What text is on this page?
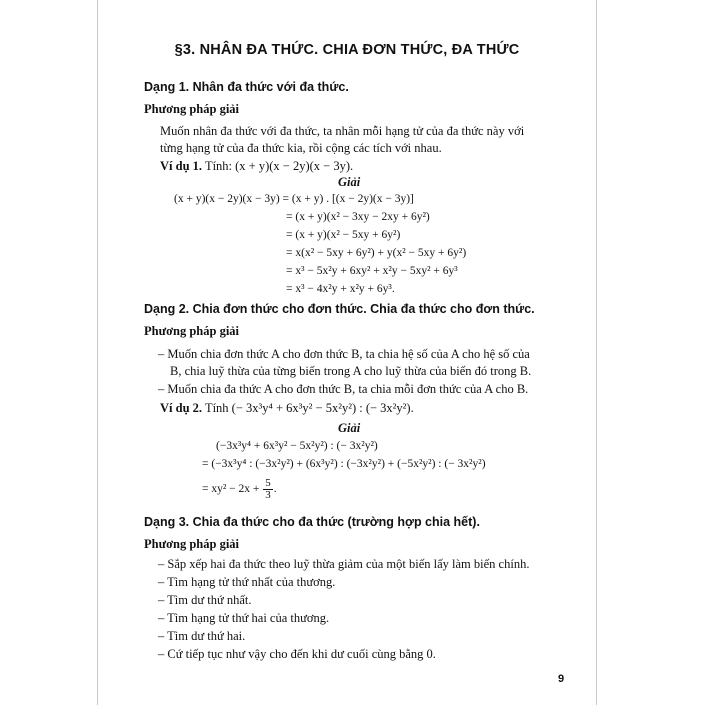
§3. NHÂN ĐA THỨC. CHIA ĐƠN THỨC, ĐA THỨC
Dạng 1. Nhân đa thức với đa thức.
Phương pháp giải
Muốn nhân đa thức với đa thức, ta nhân mỗi hạng tử của đa thức này với
từng hạng tử của đa thức kia, rồi cộng các tích với nhau.
Ví dụ 1. Tính: (x + y)(x − 2y)(x − 3y).
Giải
(x + y)(x − 2y)(x − 3y) = (x + y) . [(x − 2y)(x − 3y)]
= (x + y)(x² − 3xy − 2xy + 6y²)
= (x + y)(x² − 5xy + 6y²)
= x(x² − 5xy + 6y²) + y(x² − 5xy + 6y²)
= x³ − 5x²y + 6xy² + x²y − 5xy² + 6y³
= x³ − 4x²y + x²y + 6y³.
Dạng 2. Chia đơn thức cho đơn thức. Chia đa thức cho đơn thức.
Phương pháp giải
– Muốn chia đơn thức A cho đơn thức B, ta chia hệ số của A cho hệ số của
B, chia luỹ thừa của từng biến trong A cho luỹ thừa của biến đó trong B.
– Muốn chia đa thức A cho đơn thức B, ta chia mỗi đơn thức của A cho B.
Ví dụ 2. Tính (− 3x³y⁴ + 6x³y² − 5x²y²) : (− 3x²y²).
Giải
(−3x³y⁴ + 6x³y² − 5x²y²) : (− 3x²y²)
= (−3x³y⁴ : (−3x²y²) + (6x³y²) : (−3x²y²) + (−5x²y²) : (− 3x²y²)
= $xy^2 - 2x + \frac{5}{3}$ .
Dạng 3. Chia đa thức cho đa thức (trường hợp chia hết).
Phương pháp giải
– Sắp xếp hai đa thức theo luỹ thừa giảm của một biến lấy làm biến chính.
– Tìm hạng tử thứ nhất của thương.
– Tìm dư thứ nhất.
– Tìm hạng tử thứ hai của thương.
– Tìm dư thứ hai.
– Cứ tiếp tục như vậy cho đến khi dư cuối cùng bằng 0.
9
